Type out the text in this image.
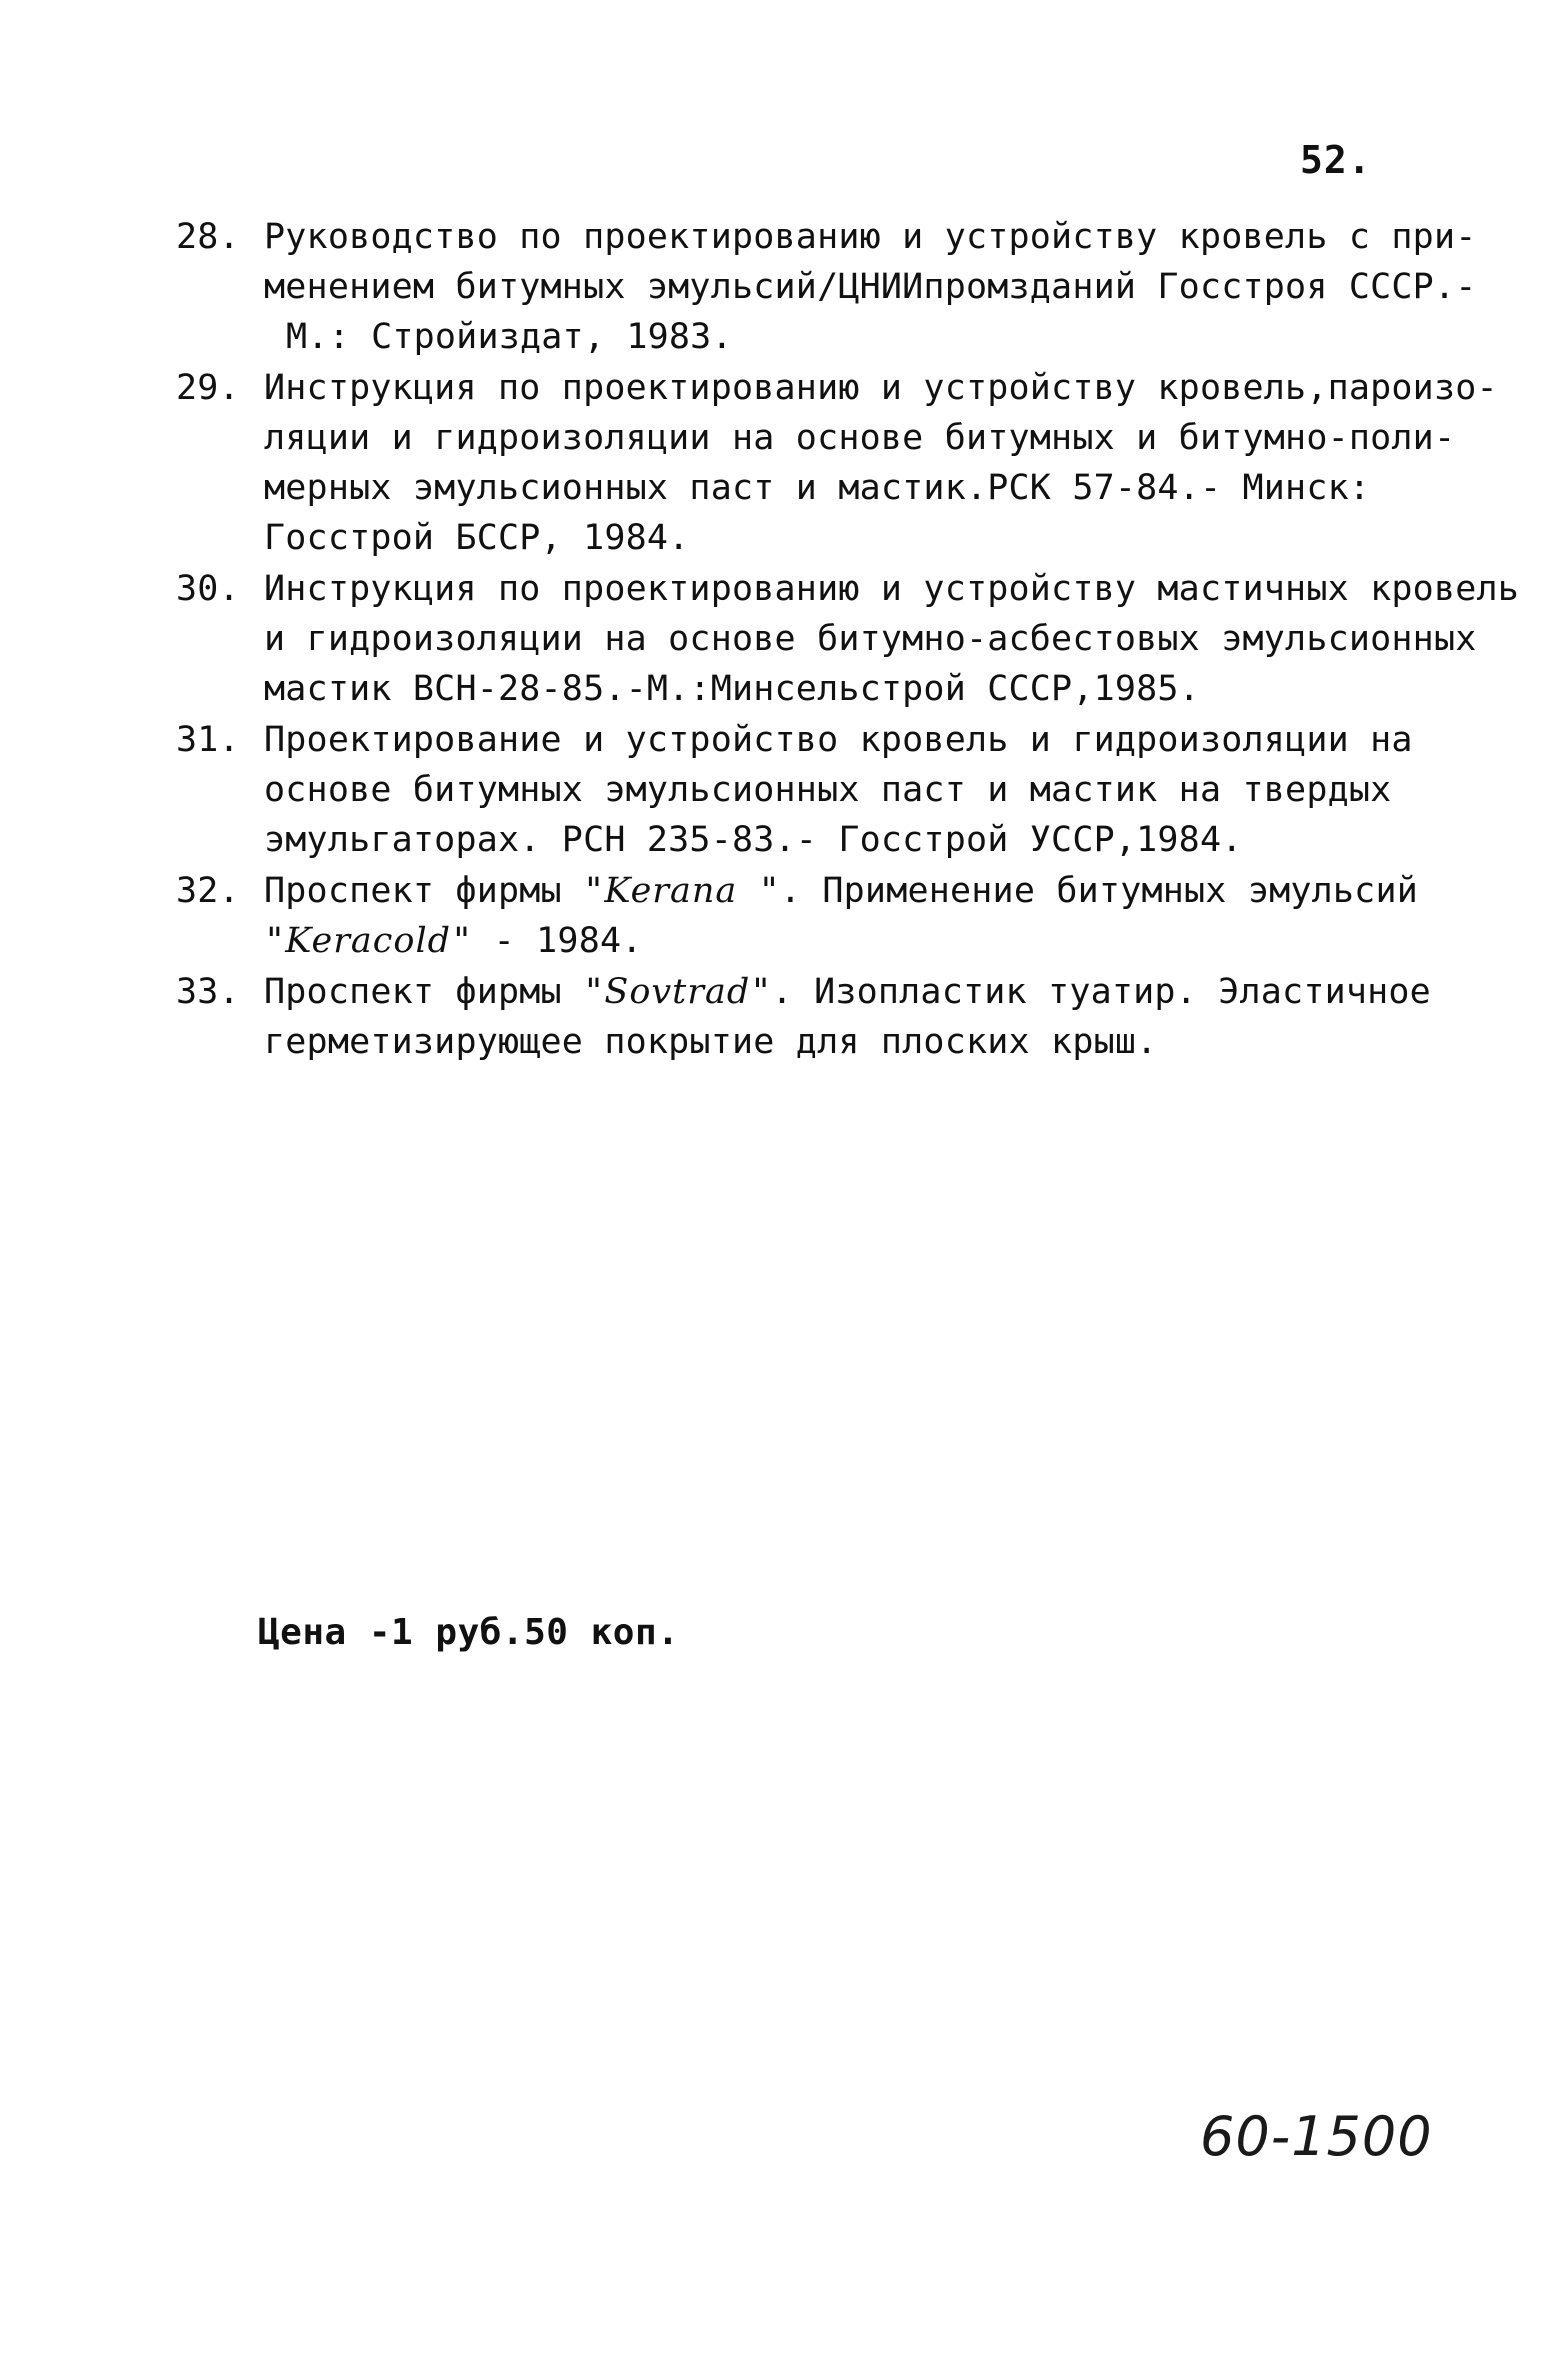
52.
28. Руководство по проектированию и устройству кровель с при-
менением битумных эмульсий/ЦНИИпромзданий Госстроя СССР.-
М.: Стройиздат, 1983.
29. Инструкция по проектированию и устройству кровель,пароизо-
ляции и гидроизоляции на основе битумных и битумно-поли-
мерных эмульсионных паст и мастик.РСК 57-84.- Минск:
Госстрой БССР, 1984.
30. Инструкция по проектированию и устройству мастичных кровель
и гидроизоляции на основе битумно-асбестовых эмульсионных
мастик ВСН-28-85.-М.:Минсельстрой СССР,1985.
31. Проектирование и устройство кровель и гидроизоляции на
основе битумных эмульсионных паст и мастик на твердых
эмульгаторах. РСН 235-83.- Госстрой УССР,1984.
32. Проспект фирмы "Kerana ". Применение битумных эмульсий
"Keracold" - 1984.
33. Проспект фирмы "Sovtrad". Изопластик туатир. Эластичное
герметизирующее покрытие для плоских крыш.
Цена -1 руб.50 коп.
60-1500
